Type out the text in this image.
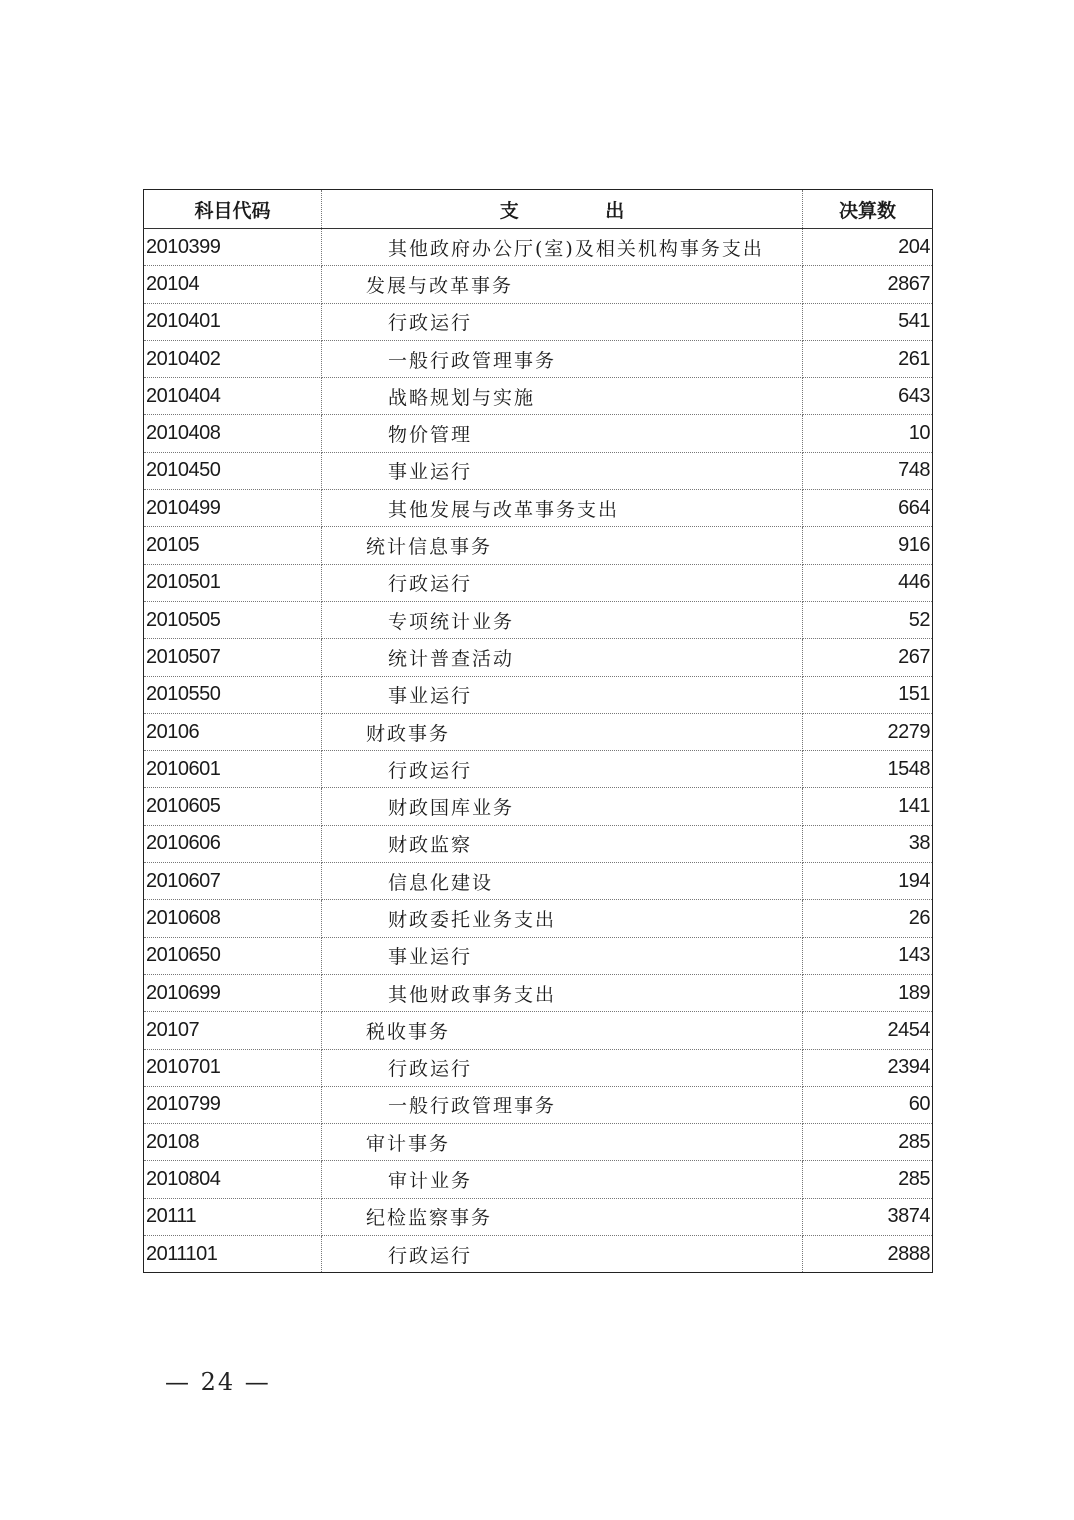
科目代码	支 出	决算数
2010399	其他政府办公厅(室)及相关机构事务支出	204
20104	发展与改革事务	2867
2010401	行政运行	541
2010402	一般行政管理事务	261
2010404	战略规划与实施	643
2010408	物价管理	10
2010450	事业运行	748
2010499	其他发展与改革事务支出	664
20105	统计信息事务	916
2010501	行政运行	446
2010505	专项统计业务	52
2010507	统计普查活动	267
2010550	事业运行	151
20106	财政事务	2279
2010601	行政运行	1548
2010605	财政国库业务	141
2010606	财政监察	38
2010607	信息化建设	194
2010608	财政委托业务支出	26
2010650	事业运行	143
2010699	其他财政事务支出	189
20107	税收事务	2454
2010701	行政运行	2394
2010799	一般行政管理事务	60
20108	审计事务	285
2010804	审计业务	285
20111	纪检监察事务	3874
2011101	行政运行	2888
— 24 —
